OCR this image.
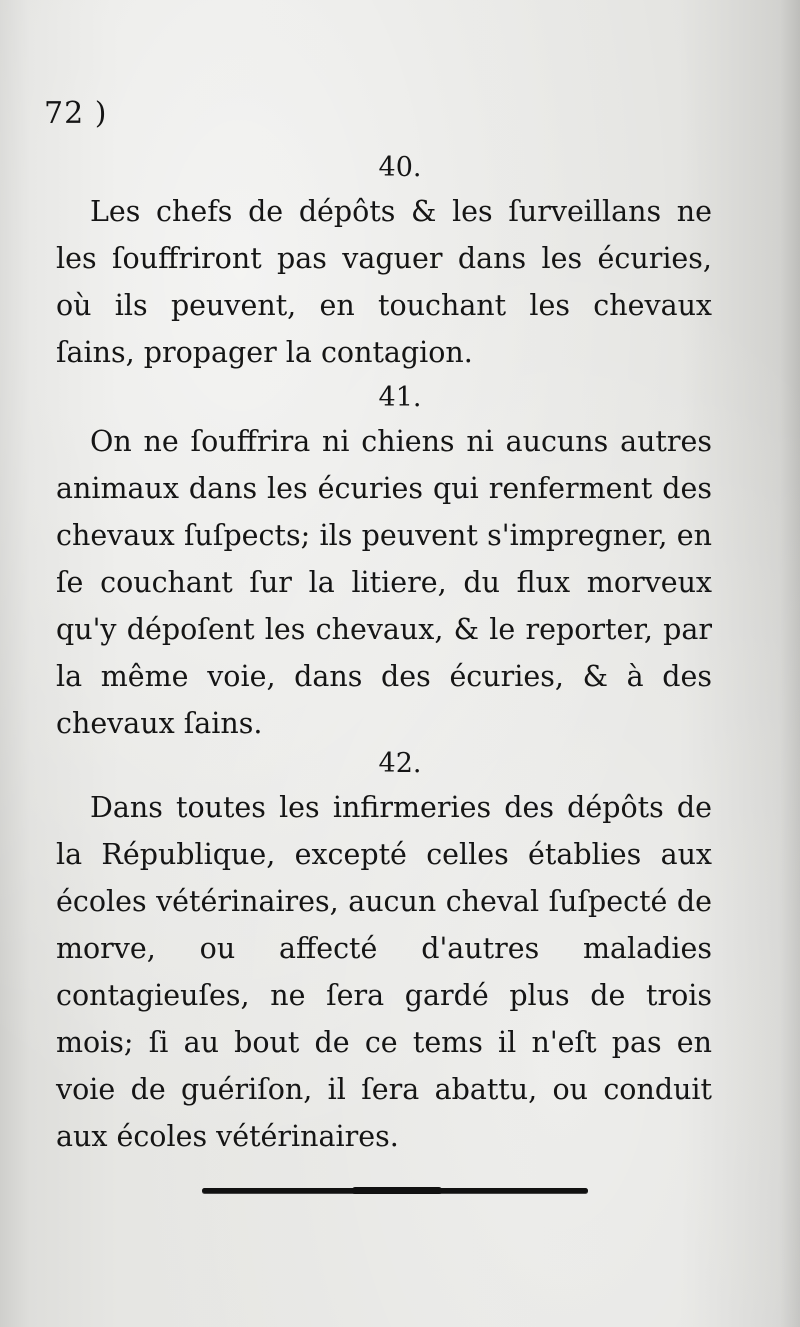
72 )
40.
Les chefs de dépôts & les ſurveillans ne les ſouffriront pas vaguer dans les écuries, où ils peuvent, en touchant les chevaux ſains, propager la contagion.
41.
On ne ſouffrira ni chiens ni aucuns autres animaux dans les écuries qui renferment des chevaux ſuſpects; ils peuvent s'impregner, en ſe couchant ſur la litiere, du flux morveux qu'y dépoſent les chevaux, & le reporter, par la même voie, dans des écuries, & à des chevaux ſains.
42.
Dans toutes les infirmeries des dépôts de la République, excepté celles établies aux écoles vétérinaires, aucun cheval ſuſpecté de morve, ou affecté d'autres maladies contagieuſes, ne ſera gardé plus de trois mois; ſi au bout de ce tems il n'eſt pas en voie de guériſon, il ſera abattu, ou conduit aux écoles vétérinaires.
